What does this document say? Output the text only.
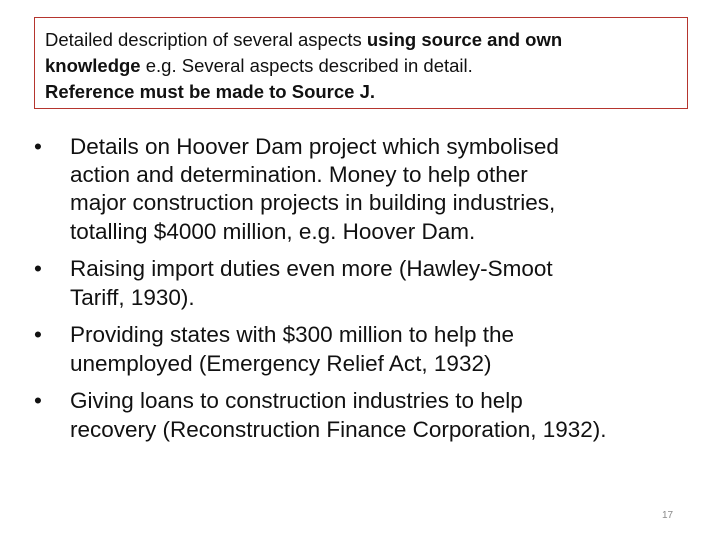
Detailed description of several aspects using source and own
knowledge e.g. Several aspects described in detail.
Reference must be made to Source J.
• Details on Hoover Dam project which symbolised
action and determination. Money to help other
major construction projects in building industries,
totalling $4000 million, e.g. Hoover Dam.
• Raising import duties even more (Hawley-Smoot
Tariff, 1930).
• Providing states with $300 million to help the
unemployed (Emergency Relief Act, 1932)
• Giving loans to construction industries to help
recovery (Reconstruction Finance Corporation, 1932).
17
